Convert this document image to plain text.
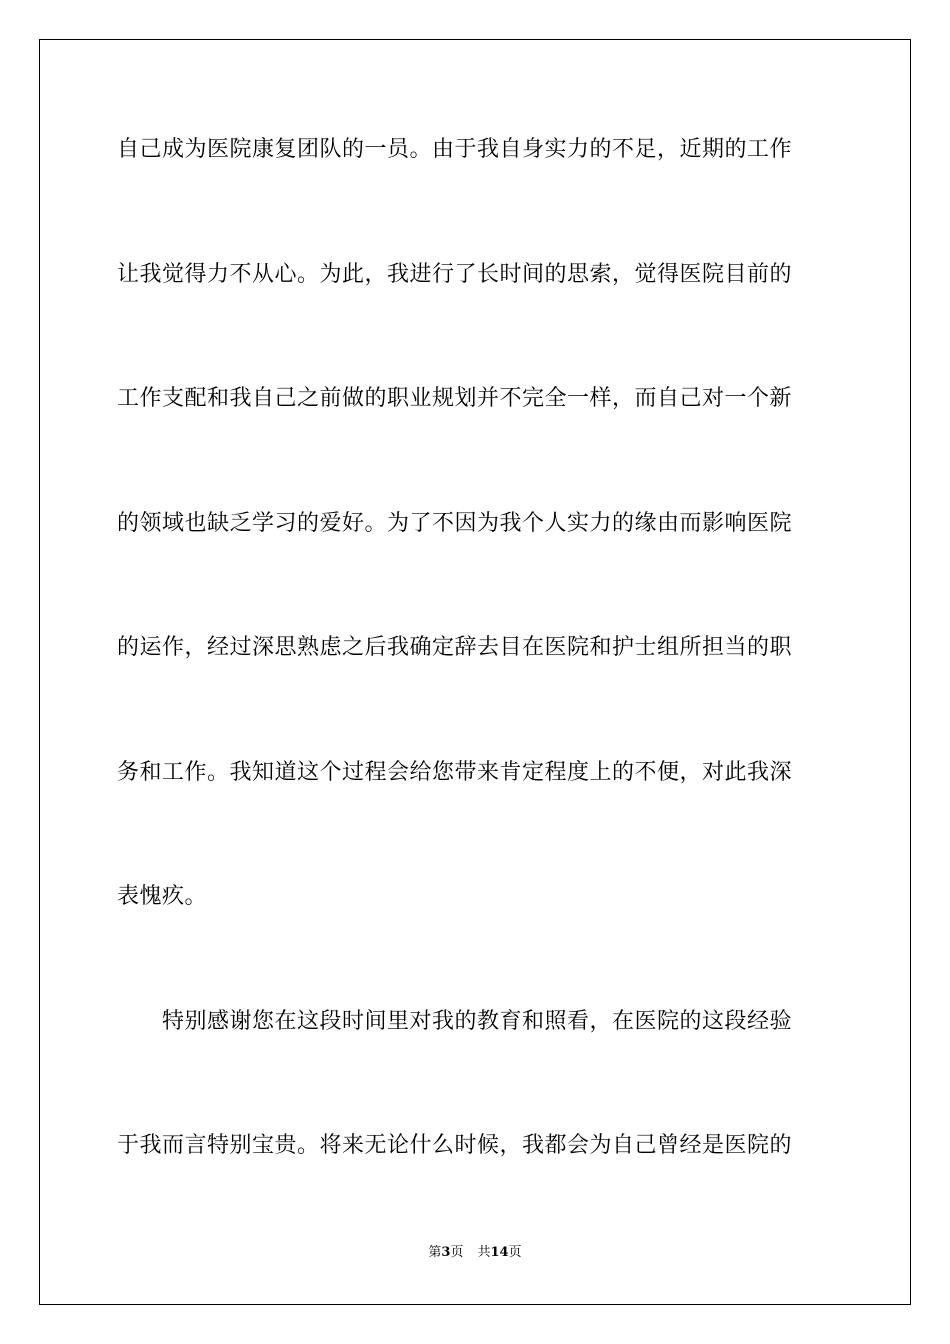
自己成为医院康复团队的一员。由于我自身实力的不足，近期的工作
让我觉得力不从心。为此，我进行了长时间的思索，觉得医院目前的
工作支配和我自己之前做的职业规划并不完全一样，而自己对一个新
的领域也缺乏学习的爱好。为了不因为我个人实力的缘由而影响医院
的运作，经过深思熟虑之后我确定辞去目在医院和护士组所担当的职
务和工作。我知道这个过程会给您带来肯定程度上的不便，对此我深
表愧疚。
　　特别感谢您在这段时间里对我的教育和照看，在医院的这段经验
于我而言特别宝贵。将来无论什么时候，我都会为自己曾经是医院的
第3页 共14页
